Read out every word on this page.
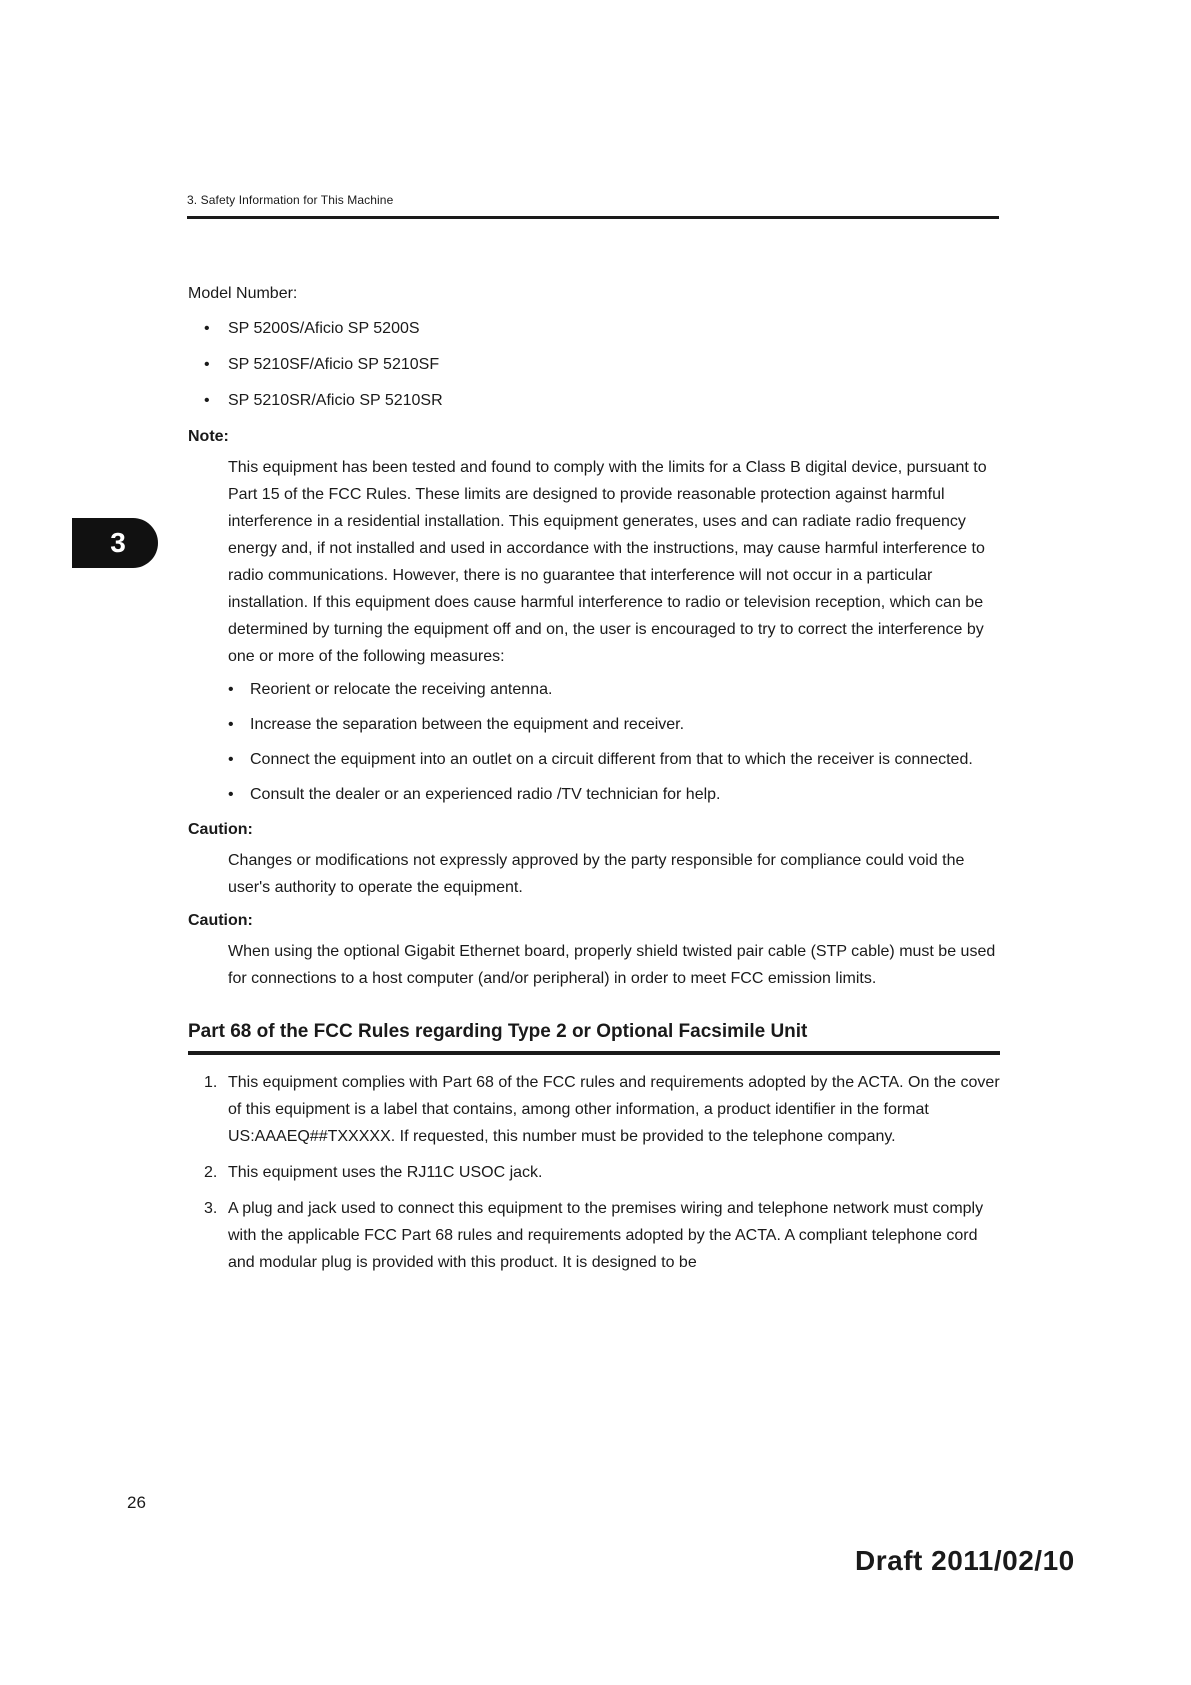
3. Safety Information for This Machine
3

Model Number:

• SP 5200S/Aficio SP 5200S
• SP 5210SF/Aficio SP 5210SF
• SP 5210SR/Aficio SP 5210SR

Note:

This equipment has been tested and found to comply with the limits for a Class B digital device, pursuant to Part 15 of the FCC Rules. These limits are designed to provide reasonable protection against harmful interference in a residential installation. This equipment generates, uses and can radiate radio frequency energy and, if not installed and used in accordance with the instructions, may cause harmful interference to radio communications. However, there is no guarantee that interference will not occur in a particular installation. If this equipment does cause harmful interference to radio or television reception, which can be determined by turning the equipment off and on, the user is encouraged to try to correct the interference by one or more of the following measures:

• Reorient or relocate the receiving antenna.
• Increase the separation between the equipment and receiver.
• Connect the equipment into an outlet on a circuit different from that to which the receiver is connected.
• Consult the dealer or an experienced radio /TV technician for help.

Caution:

Changes or modifications not expressly approved by the party responsible for compliance could void the user's authority to operate the equipment.

Caution:

When using the optional Gigabit Ethernet board, properly shield twisted pair cable (STP cable) must be used for connections to a host computer (and/or peripheral) in order to meet FCC emission limits.

Part 68 of the FCC Rules regarding Type 2 or Optional Facsimile Unit
1. This equipment complies with Part 68 of the FCC rules and requirements adopted by the ACTA. On the cover of this equipment is a label that contains, among other information, a product identifier in the format US:AAAEQ##TXXXXX. If requested, this number must be provided to the telephone company.
2. This equipment uses the RJ11C USOC jack.
3. A plug and jack used to connect this equipment to the premises wiring and telephone network must comply with the applicable FCC Part 68 rules and requirements adopted by the ACTA. A compliant telephone cord and modular plug is provided with this product. It is designed to be
26
Draft 2011/02/10
